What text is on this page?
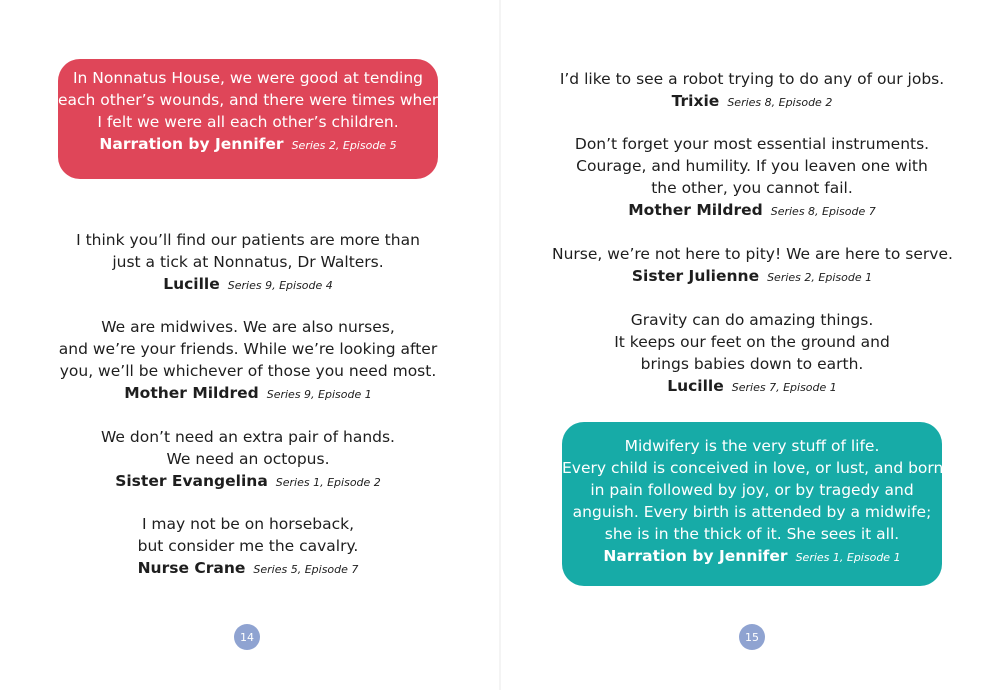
In Nonnatus House, we were good at tending
each other’s wounds, and there were times when
I felt we were all each other’s children.
Narration by Jennifer Series 2, Episode 5
I think you’ll find our patients are more than
just a tick at Nonnatus, Dr Walters.
Lucille Series 9, Episode 4
We are midwives. We are also nurses,
and we’re your friends. While we’re looking after
you, we’ll be whichever of those you need most.
Mother Mildred Series 9, Episode 1
We don’t need an extra pair of hands.
We need an octopus.
Sister Evangelina Series 1, Episode 2
I may not be on horseback,
but consider me the cavalry.
Nurse Crane Series 5, Episode 7
14
I’d like to see a robot trying to do any of our jobs.
Trixie Series 8, Episode 2
Don’t forget your most essential instruments.
Courage, and humility. If you leaven one with
the other, you cannot fail.
Mother Mildred Series 8, Episode 7
Nurse, we’re not here to pity! We are here to serve.
Sister Julienne Series 2, Episode 1
Gravity can do amazing things.
It keeps our feet on the ground and
brings babies down to earth.
Lucille Series 7, Episode 1
Midwifery is the very stuff of life.
Every child is conceived in love, or lust, and born
in pain followed by joy, or by tragedy and
anguish. Every birth is attended by a midwife;
she is in the thick of it. She sees it all.
Narration by Jennifer Series 1, Episode 1
15
